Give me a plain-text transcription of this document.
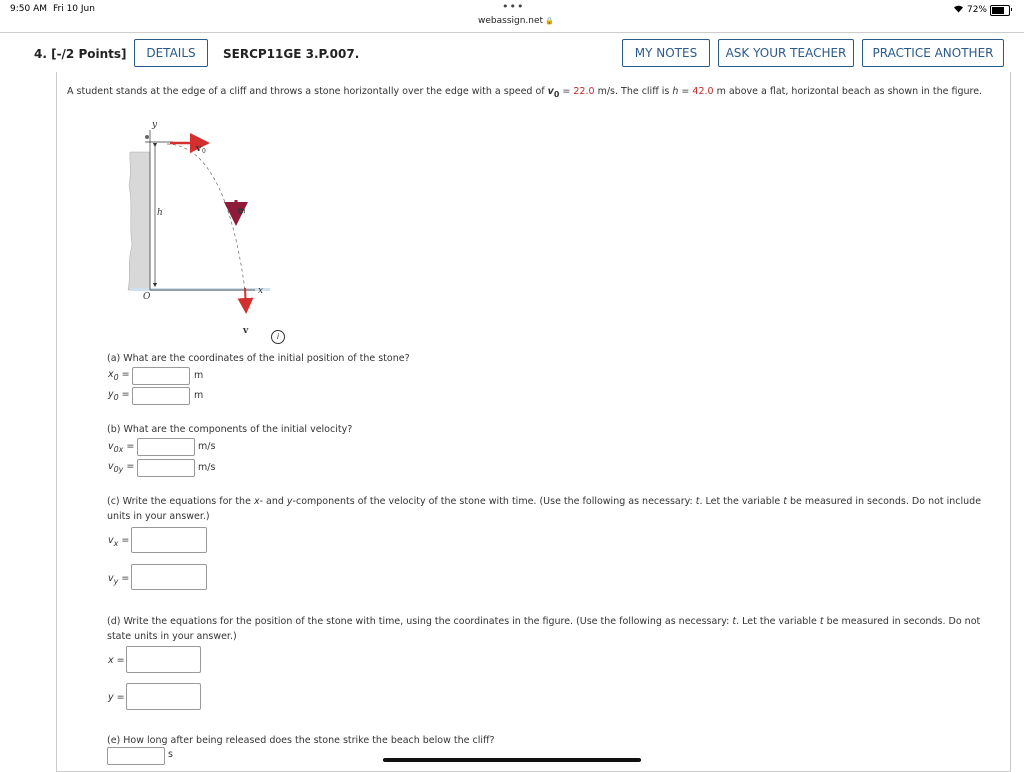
9:50 AM Fri 10 Jun	•••
webassign.net 🔒
72%
4. [-/2 Points]	DETAILS	SERCP11GE 3.P.007.	MY NOTES	ASK YOUR TEACHER	PRACTICE ANOTHER
A student stands at the edge of a cliff and throws a stone horizontally over the edge with a speed of $v_0 = 22.0$ m/s. The cliff is h = 42.0 m above a flat, horizontal beach as shown in the figure.
y
x
O
h
v 0
g
v
i
(a) What are the coordinates of the initial position of the stone?
$x_0$ =	m
$y_0$ =	m
(b) What are the components of the initial velocity?
$v_{0x}$ =	m/s
$v_{0y}$ =	m/s
(c) Write the equations for the x- and y-components of the velocity of the stone with time. (Use the following as necessary: t. Let the variable t be measured in seconds. Do not include units in your answer.)
$v_x$ =
$v_y$ =
(d) Write the equations for the position of the stone with time, using the coordinates in the figure. (Use the following as necessary: t. Let the variable t be measured in seconds. Do not state units in your answer.)
x =
y =
(e) How long after being released does the stone strike the beach below the cliff?
s
